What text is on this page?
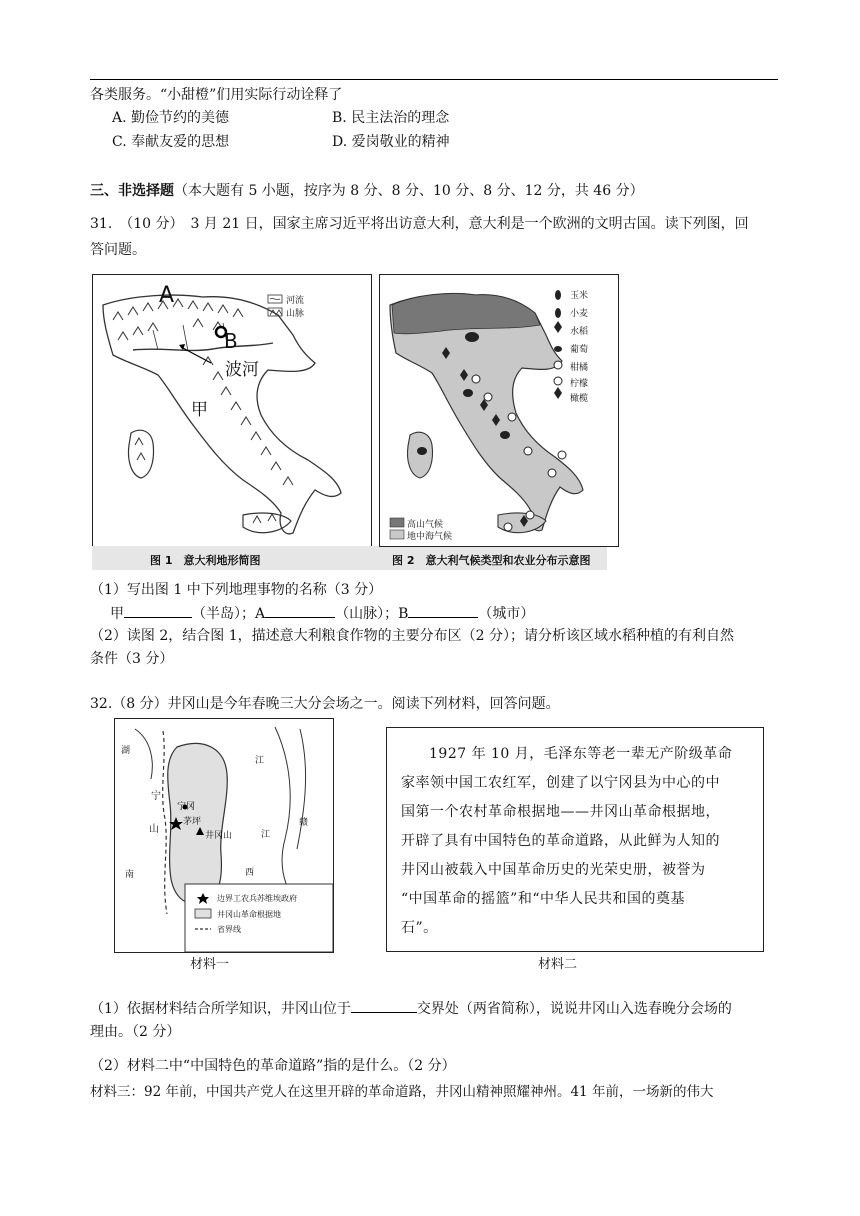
各类服务。“小甜橙”们用实际行动诠释了
A. 勤俭节约的美德	B. 民主法治的理念
C. 奉献友爱的思想	D. 爱岗敬业的精神
三、非选择题（本大题有 5 小题，按序为 8 分、8 分、10 分、8 分、12 分，共 46 分）
31.　（10 分）　3 月 21 日，国家主席习近平将出访意大利，意大利是一个欧洲的文明古国。读下列图，回
答问题。
河流
山脉
A
B
波河
甲
图 1　意大利地形简图
玉米
小麦
水稻
葡萄
柑橘
柠檬
橄榄
高山气候
地中海气候
图 2　意大利气候类型和农业分布示意图
（1）写出图 1 中下列地理事物的名称（3 分）
甲	（半岛）；A	（山脉）；B	（城市）
（2）读图 2，结合图 1，描述意大利粮食作物的主要分布区（2 分）；请分析该区域水稻种植的有利自然
条件（3 分）
32.（8 分）井冈山是今年春晚三大分会场之一。阅读下列材料，回答问题。
湖
宁
山
南
江
赣
江
西
宁冈
茅坪
井冈山
边界工农兵苏维埃政府
井冈山革命根据地
省界线
材料一

1927 年 10 月，毛泽东等老一辈无产阶级革命

家率领中国工农红军，创建了以宁冈县为中心的中

国第一个农村革命根据地——井冈山革命根据地，

开辟了具有中国特色的革命道路，从此鲜为人知的

井冈山被载入中国革命历史的光荣史册，被誉为

“中国革命的摇篮”和“中华人民共和国的奠基

石”。

材料二
（1）依据材料结合所学知识，井冈山位于	交界处（两省简称），说说井冈山入选春晚分会场的
理由。（2 分）
（2）材料二中“中国特色的革命道路”指的是什么。（2 分）
材料三：92 年前，中国共产党人在这里开辟的革命道路，井冈山精神照耀神州。41 年前，一场新的伟大
